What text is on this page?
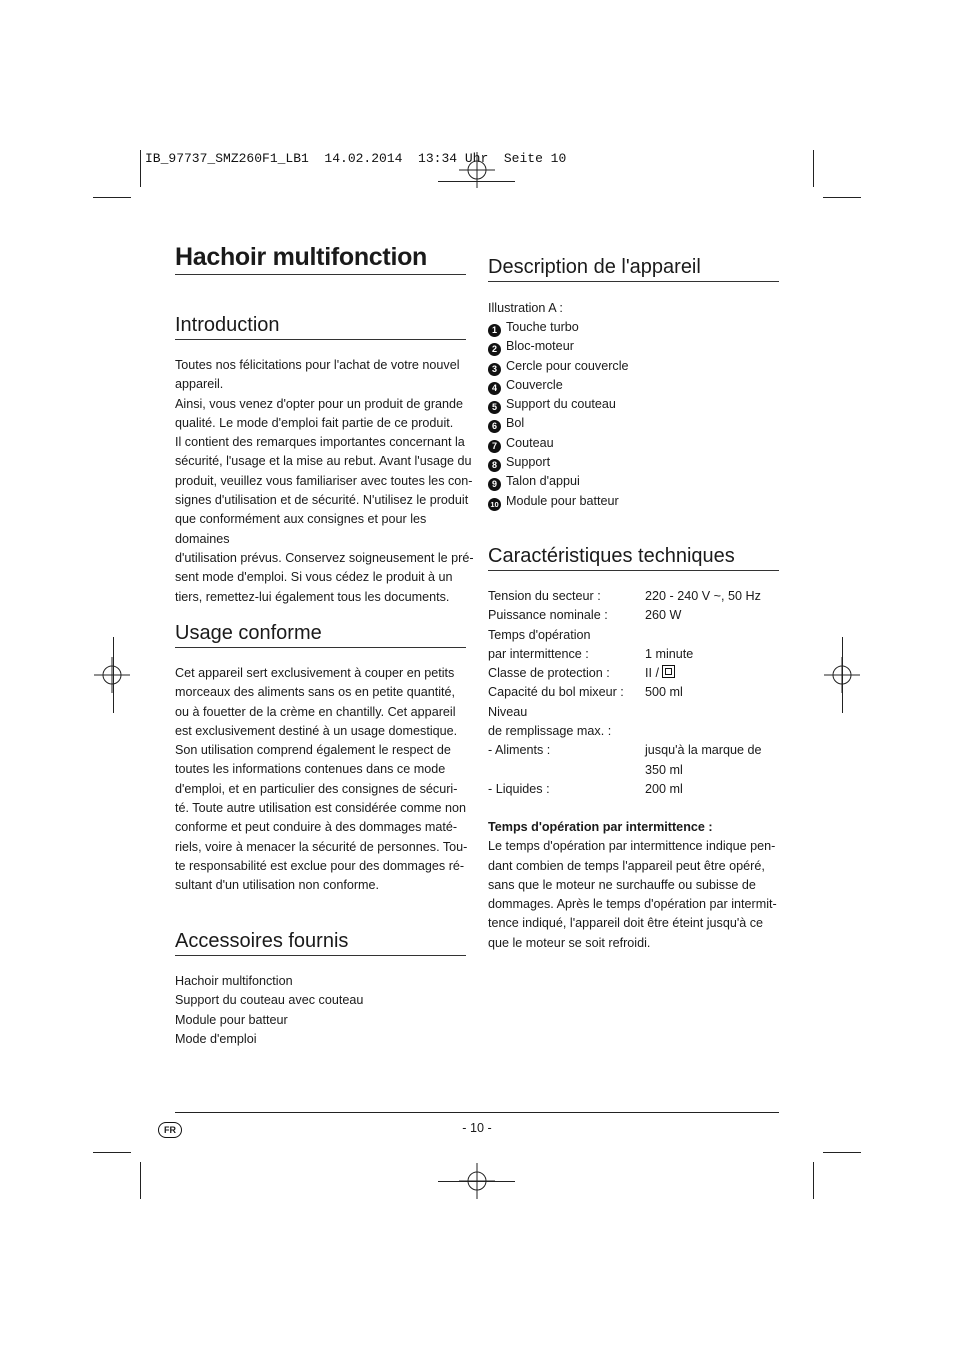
IB_97737_SMZ260F1_LB1  14.02.2014  13:34 Uhr  Seite 10
Hachoir multifonction
Introduction

Toutes nos félicitations pour l'achat de votre nouvel

appareil.

Ainsi, vous venez d'opter pour un produit de grande

qualité. Le mode d'emploi fait partie de ce produit.

Il contient des remarques importantes concernant la

sécurité, l'usage et la mise au rebut. Avant l'usage du

produit, veuillez vous familiariser avec toutes les con-

signes d'utilisation et de sécurité. N'utilisez le produit

que conformément aux consignes et pour les domaines

d'utilisation prévus. Conservez soigneusement le pré-

sent mode d'emploi. Si vous cédez le produit à un

tiers, remettez-lui également tous les documents.

Usage conforme

Cet appareil sert exclusivement à couper en petits

morceaux des aliments sans os en petite quantité,

ou à fouetter de la crème en chantilly. Cet appareil

est exclusivement destiné à un usage domestique.

Son utilisation comprend également le respect de

toutes les informations contenues dans ce mode

d'emploi, et en particulier des consignes de sécuri-

té. Toute autre utilisation est considérée comme non

conforme et peut conduire à des dommages maté-

riels, voire à menacer la sécurité de personnes. Tou-

te responsabilité est exclue pour des dommages ré-

sultant d'un utilisation non conforme.

Accessoires fournis
Hachoir multifonction
Support du couteau avec couteau
Module pour batteur
Mode d'emploi
Description de l'appareil
Illustration A :
1 Touche turbo
2 Bloc-moteur
3 Cercle pour couvercle
4 Couvercle
5 Support du couteau
6 Bol
7 Couteau
8 Support
9 Talon d'appui
10 Module pour batteur
Caractéristiques techniques
Tension du secteur :	220 - 240 V ~, 50 Hz
Puissance nominale :	260 W
Temps d'opération
par intermittence :	1 minute
Classe de protection :	II /
Capacité du bol mixeur :	500 ml
Niveau
de remplissage max. :
- Aliments :	jusqu'à la marque de
350 ml
- Liquides :	200 ml

Temps d'opération par intermittence :

Le temps d'opération par intermittence indique pen-

dant combien de temps l'appareil peut être opéré,

sans que le moteur ne surchauffe ou subisse de

dommages. Après le temps d'opération par intermit-

tence indiqué, l'appareil doit être éteint jusqu'à ce

que le moteur se soit refroidi.

FR	- 10 -
